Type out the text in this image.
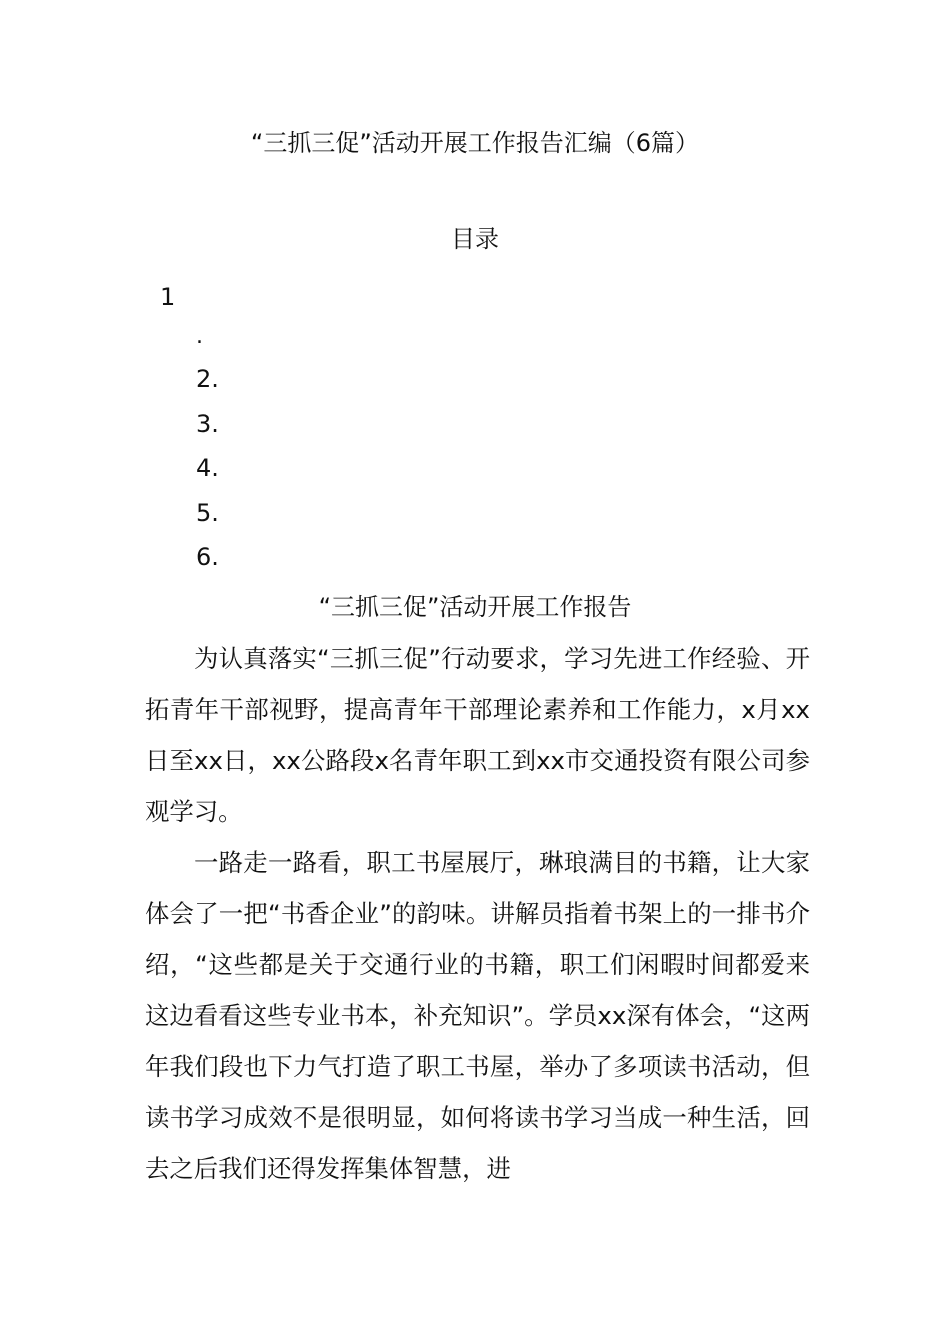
“三抓三促”活动开展工作报告汇编（6篇）
目录
1
.
2.
3.
4.
5.
6.
“三抓三促”活动开展工作报告

为认真落实“三抓三促”行动要求，学习先进工作经验、开拓青年干部视野，提高青年干部理论素养和工作能力，x月xx日至xx日，xx公路段x名青年职工到xx市交通投资有限公司参观学习。

一路走一路看，职工书屋展厅，琳琅满目的书籍，让大家体会了一把“书香企业”的韵味。讲解员指着书架上的一排书介绍，“这些都是关于交通行业的书籍，职工们闲暇时间都爱来这边看看这些专业书本，补充知识”。学员xx深有体会，“这两年我们段也下力气打造了职工书屋，举办了多项读书活动，但读书学习成效不是很明显，如何将读书学习当成一种生活，回去之后我们还得发挥集体智慧，进
